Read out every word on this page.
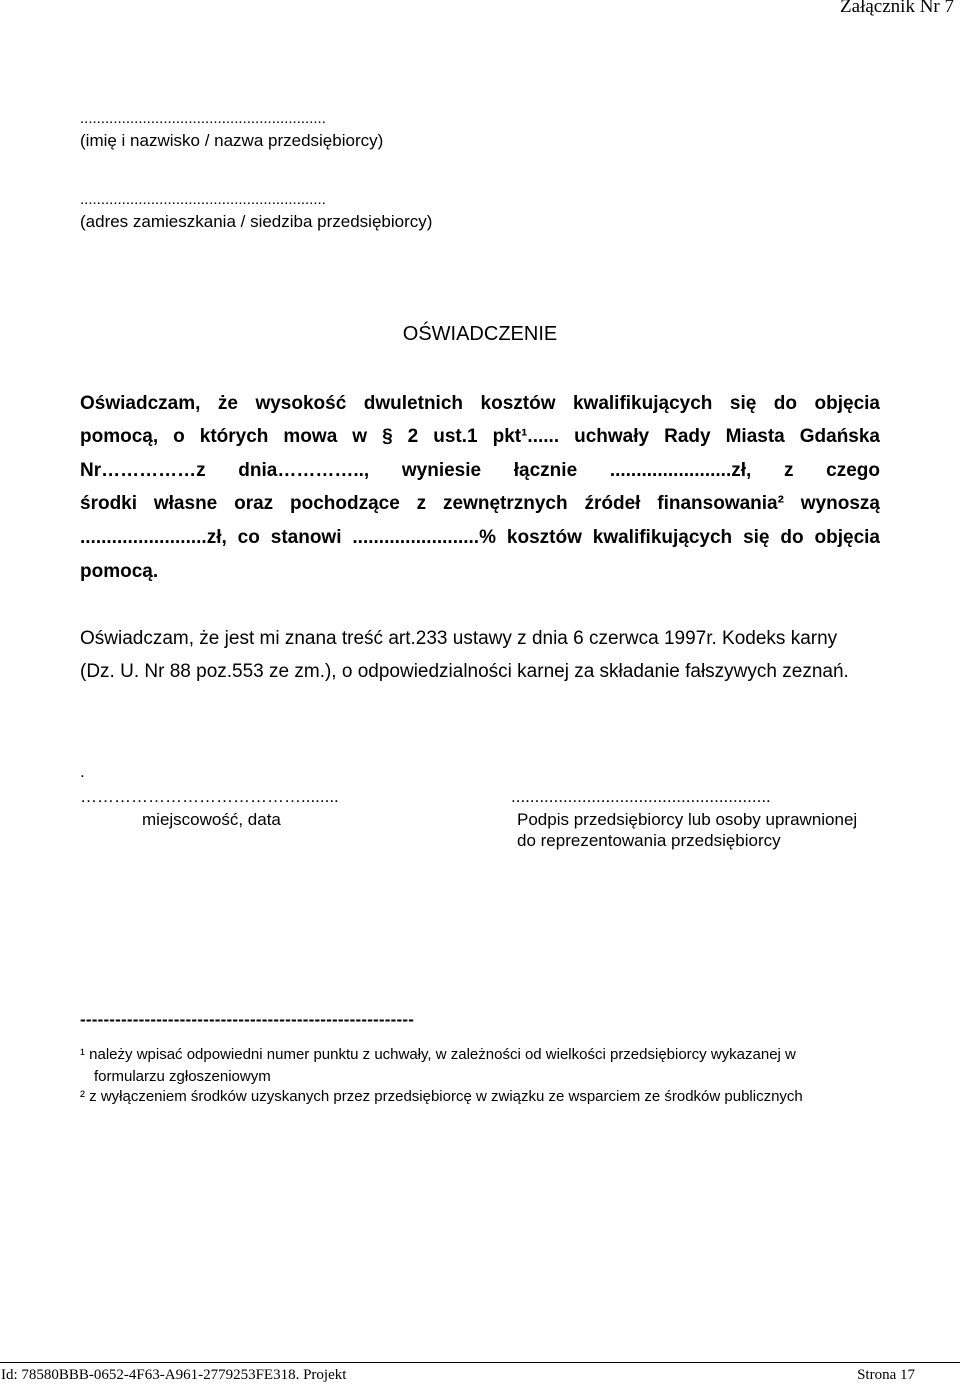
Załącznik Nr 7
...........................................................
(imię i nazwisko / nazwa przedsiębiorcy)
...........................................................
(adres zamieszkania / siedziba przedsiębiorcy)
OŚWIADCZENIE
Oświadczam, że wysokość dwuletnich kosztów kwalifikujących się do objęcia
pomocą, o których mowa w § 2 ust.1 pkt¹...... uchwały Rady Miasta Gdańska
Nr……………z dnia………….., wyniesie łącznie .......................zł, z czego
środki własne oraz pochodzące z zewnętrznych źródeł finansowania² wynoszą
........................zł, co stanowi ........................% kosztów kwalifikujących się do objęcia
pomocą.
Oświadczam, że jest mi znana treść art.233 ustawy z dnia 6 czerwca 1997r. Kodeks karny
(Dz. U. Nr 88 poz.553 ze zm.), o odpowiedzialności karnej za składanie fałszywych zeznań.
.
…………………………………........
miejscowość, data
.......................................................
Podpis przedsiębiorcy lub osoby uprawnionej
do reprezentowania przedsiębiorcy
---------------------------------------------------------
¹ należy wpisać odpowiedni numer punktu z uchwały, w zależności od wielkości przedsiębiorcy wykazanej w
formularzu zgłoszeniowym
² z wyłączeniem środków uzyskanych przez przedsiębiorcę w związku ze wsparciem ze środków publicznych
Id: 78580BBB-0652-4F63-A961-2779253FE318. Projekt	Strona 17
